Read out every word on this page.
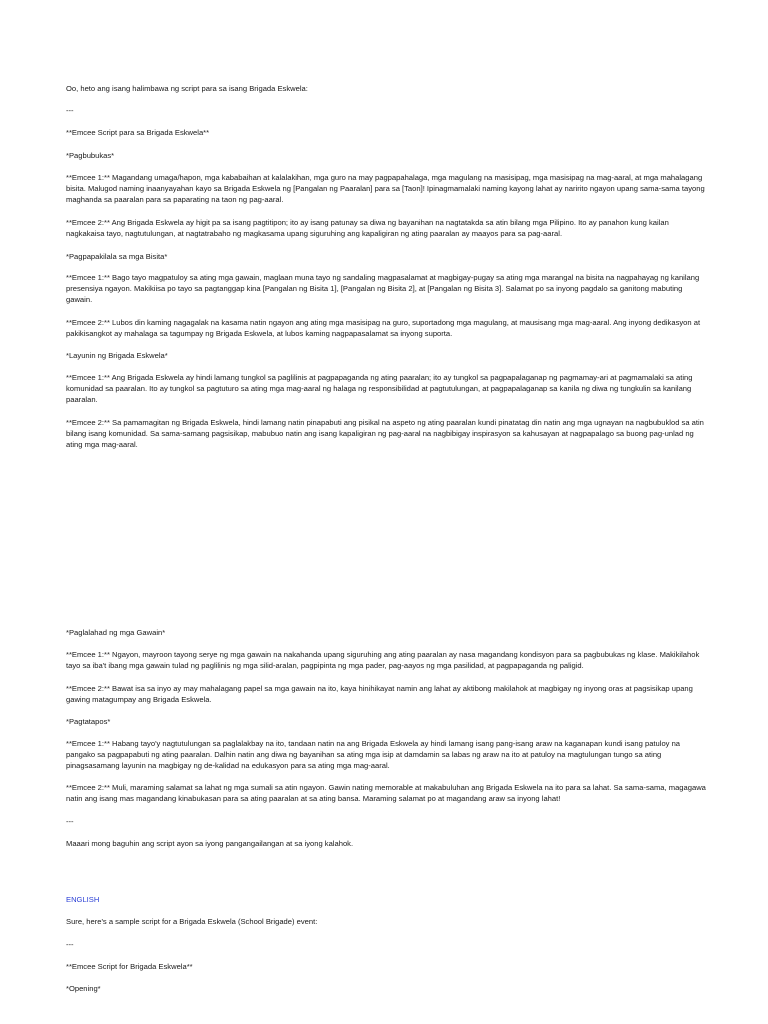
Oo, heto ang isang halimbawa ng script para sa isang Brigada Eskwela:

---

**Emcee Script para sa Brigada Eskwela**

*Pagbubukas*

**Emcee 1:** Magandang umaga/hapon, mga kababaihan at kalalakihan, mga guro na may pagpapahalaga, mga magulang na masisipag, mga masisipag na mag-aaral, at mga mahalagang bisita. Malugod naming inaanyayahan kayo sa Brigada Eskwela ng [Pangalan ng Paaralan] para sa [Taon]! Ipinagmamalaki naming kayong lahat ay naririto ngayon upang sama-sama tayong maghanda sa paaralan para sa paparating na taon ng pag-aaral.

**Emcee 2:** Ang Brigada Eskwela ay higit pa sa isang pagtitipon; ito ay isang patunay sa diwa ng bayanihan na nagtatakda sa atin bilang mga Pilipino. Ito ay panahon kung kailan nagkakaisa tayo, nagtutulungan, at nagtatrabaho ng magkasama upang siguruhing ang kapaligiran ng ating paaralan ay maayos para sa pag-aaral.

*Pagpapakilala sa mga Bisita*

**Emcee 1:** Bago tayo magpatuloy sa ating mga gawain, maglaan muna tayo ng sandaling magpasalamat at magbigay-pugay sa ating mga marangal na bisita na nagpahayag ng kanilang presensiya ngayon. Makikiisa po tayo sa pagtanggap kina [Pangalan ng Bisita 1], [Pangalan ng Bisita 2], at [Pangalan ng Bisita 3]. Salamat po sa inyong pagdalo sa ganitong mabuting gawain.

**Emcee 2:** Lubos din kaming nagagalak na kasama natin ngayon ang ating mga masisipag na guro, suportadong mga magulang, at mausisang mga mag-aaral. Ang inyong dedikasyon at pakikisangkot ay mahalaga sa tagumpay ng Brigada Eskwela, at lubos kaming nagpapasalamat sa inyong suporta.

*Layunin ng Brigada Eskwela*

**Emcee 1:** Ang Brigada Eskwela ay hindi lamang tungkol sa paglilinis at pagpapaganda ng ating paaralan; ito ay tungkol sa pagpapalaganap ng pagmamay-ari at pagmamalaki sa ating komunidad sa paaralan. Ito ay tungkol sa pagtuturo sa ating mga mag-aaral ng halaga ng responsibilidad at pagtutulungan, at pagpapalaganap sa kanila ng diwa ng tungkulin sa kanilang paaralan.

**Emcee 2:** Sa pamamagitan ng Brigada Eskwela, hindi lamang natin pinapabuti ang pisikal na aspeto ng ating paaralan kundi pinatatag din natin ang mga ugnayan na nagbubuklod sa atin bilang isang komunidad. Sa sama-samang pagsisikap, mabubuo natin ang isang kapaligiran ng pag-aaral na nagbibigay inspirasyon sa kahusayan at nagpapalago sa buong pag-unlad ng ating mga mag-aaral.

*Paglalahad ng mga Gawain*

**Emcee 1:** Ngayon, mayroon tayong serye ng mga gawain na nakahanda upang siguruhing ang ating paaralan ay nasa magandang kondisyon para sa pagbubukas ng klase. Makikilahok tayo sa iba't ibang mga gawain tulad ng paglilinis ng mga silid-aralan, pagpipinta ng mga pader, pag-aayos ng mga pasilidad, at pagpapaganda ng paligid.

**Emcee 2:** Bawat isa sa inyo ay may mahalagang papel sa mga gawain na ito, kaya hinihikayat namin ang lahat ay aktibong makilahok at magbigay ng inyong oras at pagsisikap upang gawing matagumpay ang Brigada Eskwela.

*Pagtatapos*

**Emcee 1:** Habang tayo'y nagtutulungan sa paglalakbay na ito, tandaan natin na ang Brigada Eskwela ay hindi lamang isang pang-isang araw na kaganapan kundi isang patuloy na pangako sa pagpapabuti ng ating paaralan. Dalhin natin ang diwa ng bayanihan sa ating mga isip at damdamin sa labas ng araw na ito at patuloy na magtulungan tungo sa ating pinagsasamang layunin na magbigay ng de-kalidad na edukasyon para sa ating mga mag-aaral.

**Emcee 2:** Muli, maraming salamat sa lahat ng mga sumali sa atin ngayon. Gawin nating memorable at makabuluhan ang Brigada Eskwela na ito para sa lahat. Sa sama-sama, magagawa natin ang isang mas magandang kinabukasan para sa ating paaralan at sa ating bansa. Maraming salamat po at magandang araw sa inyong lahat!

---

Maaari mong baguhin ang script ayon sa iyong pangangailangan at sa iyong kalahok.

ENGLISH

Sure, here's a sample script for a Brigada Eskwela (School Brigade) event:

---

**Emcee Script for Brigada Eskwela**

*Opening*
